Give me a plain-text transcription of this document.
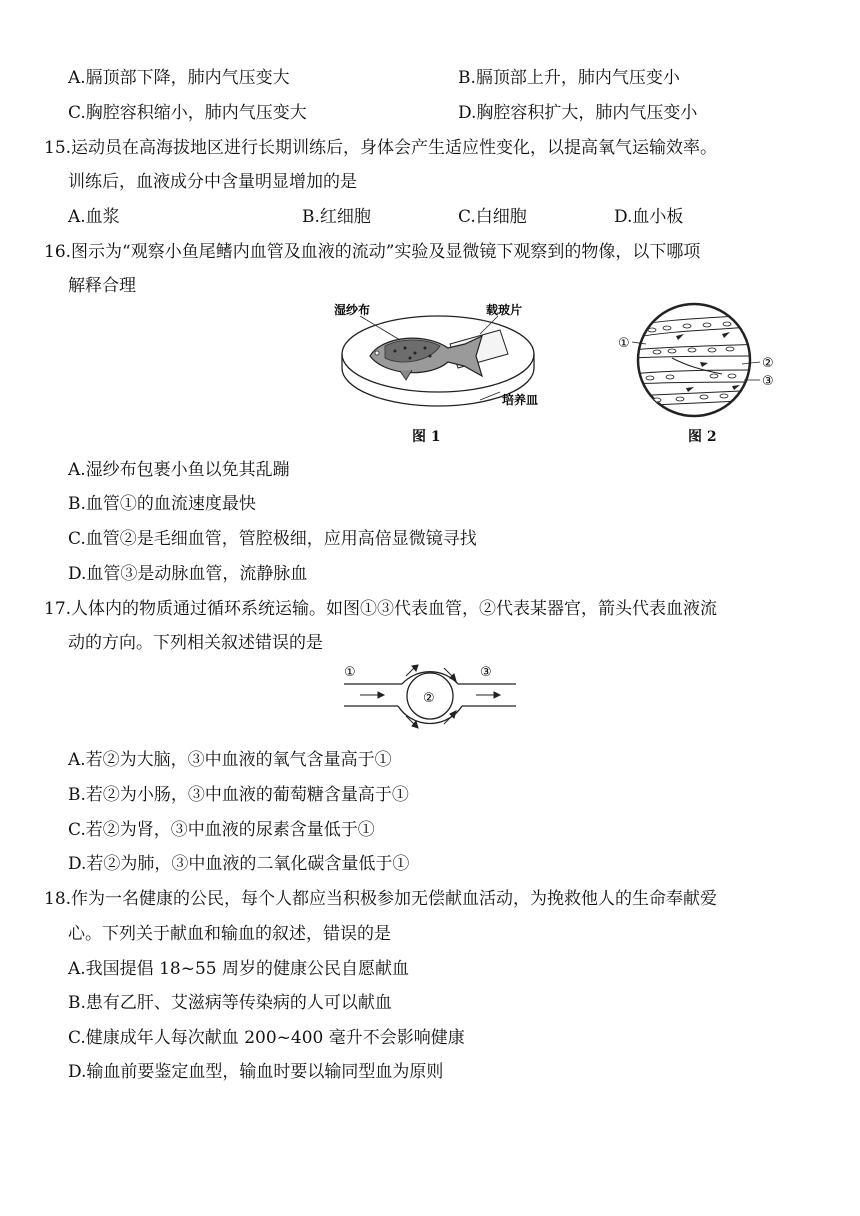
A.膈顶部下降，肺内气压变大	B.膈顶部上升，肺内气压变小
C.胸腔容积缩小，肺内气压变大	D.胸腔容积扩大，肺内气压变小
15.运动员在高海拔地区进行长期训练后，身体会产生适应性变化，以提高氧气运输效率。
训练后，血液成分中含量明显增加的是
A.血浆	B.红细胞	C.白细胞	D.血小板
16.图示为“观察小鱼尾鳍内血管及血液的流动”实验及显微镜下观察到的物像，以下哪项
解释合理
湿纱布	载玻片
培养皿
图 1
①
②
③
图 2
A.湿纱布包裹小鱼以免其乱蹦
B.血管①的血流速度最快
C.血管②是毛细血管，管腔极细，应用高倍显微镜寻找
D.血管③是动脉血管，流静脉血
17.人体内的物质通过循环系统运输。如图①③代表血管，②代表某器官，箭头代表血液流
动的方向。下列相关叙述错误的是
①
②
③
A.若②为大脑，③中血液的氧气含量高于①
B.若②为小肠，③中血液的葡萄糖含量高于①
C.若②为肾，③中血液的尿素含量低于①
D.若②为肺，③中血液的二氧化碳含量低于①
18.作为一名健康的公民，每个人都应当积极参加无偿献血活动，为挽救他人的生命奉献爱
心。下列关于献血和输血的叙述，错误的是
A.我国提倡 18~55 周岁的健康公民自愿献血
B.患有乙肝、艾滋病等传染病的人可以献血
C.健康成年人每次献血 200~400 毫升不会影响健康
D.输血前要鉴定血型，输血时要以输同型血为原则
